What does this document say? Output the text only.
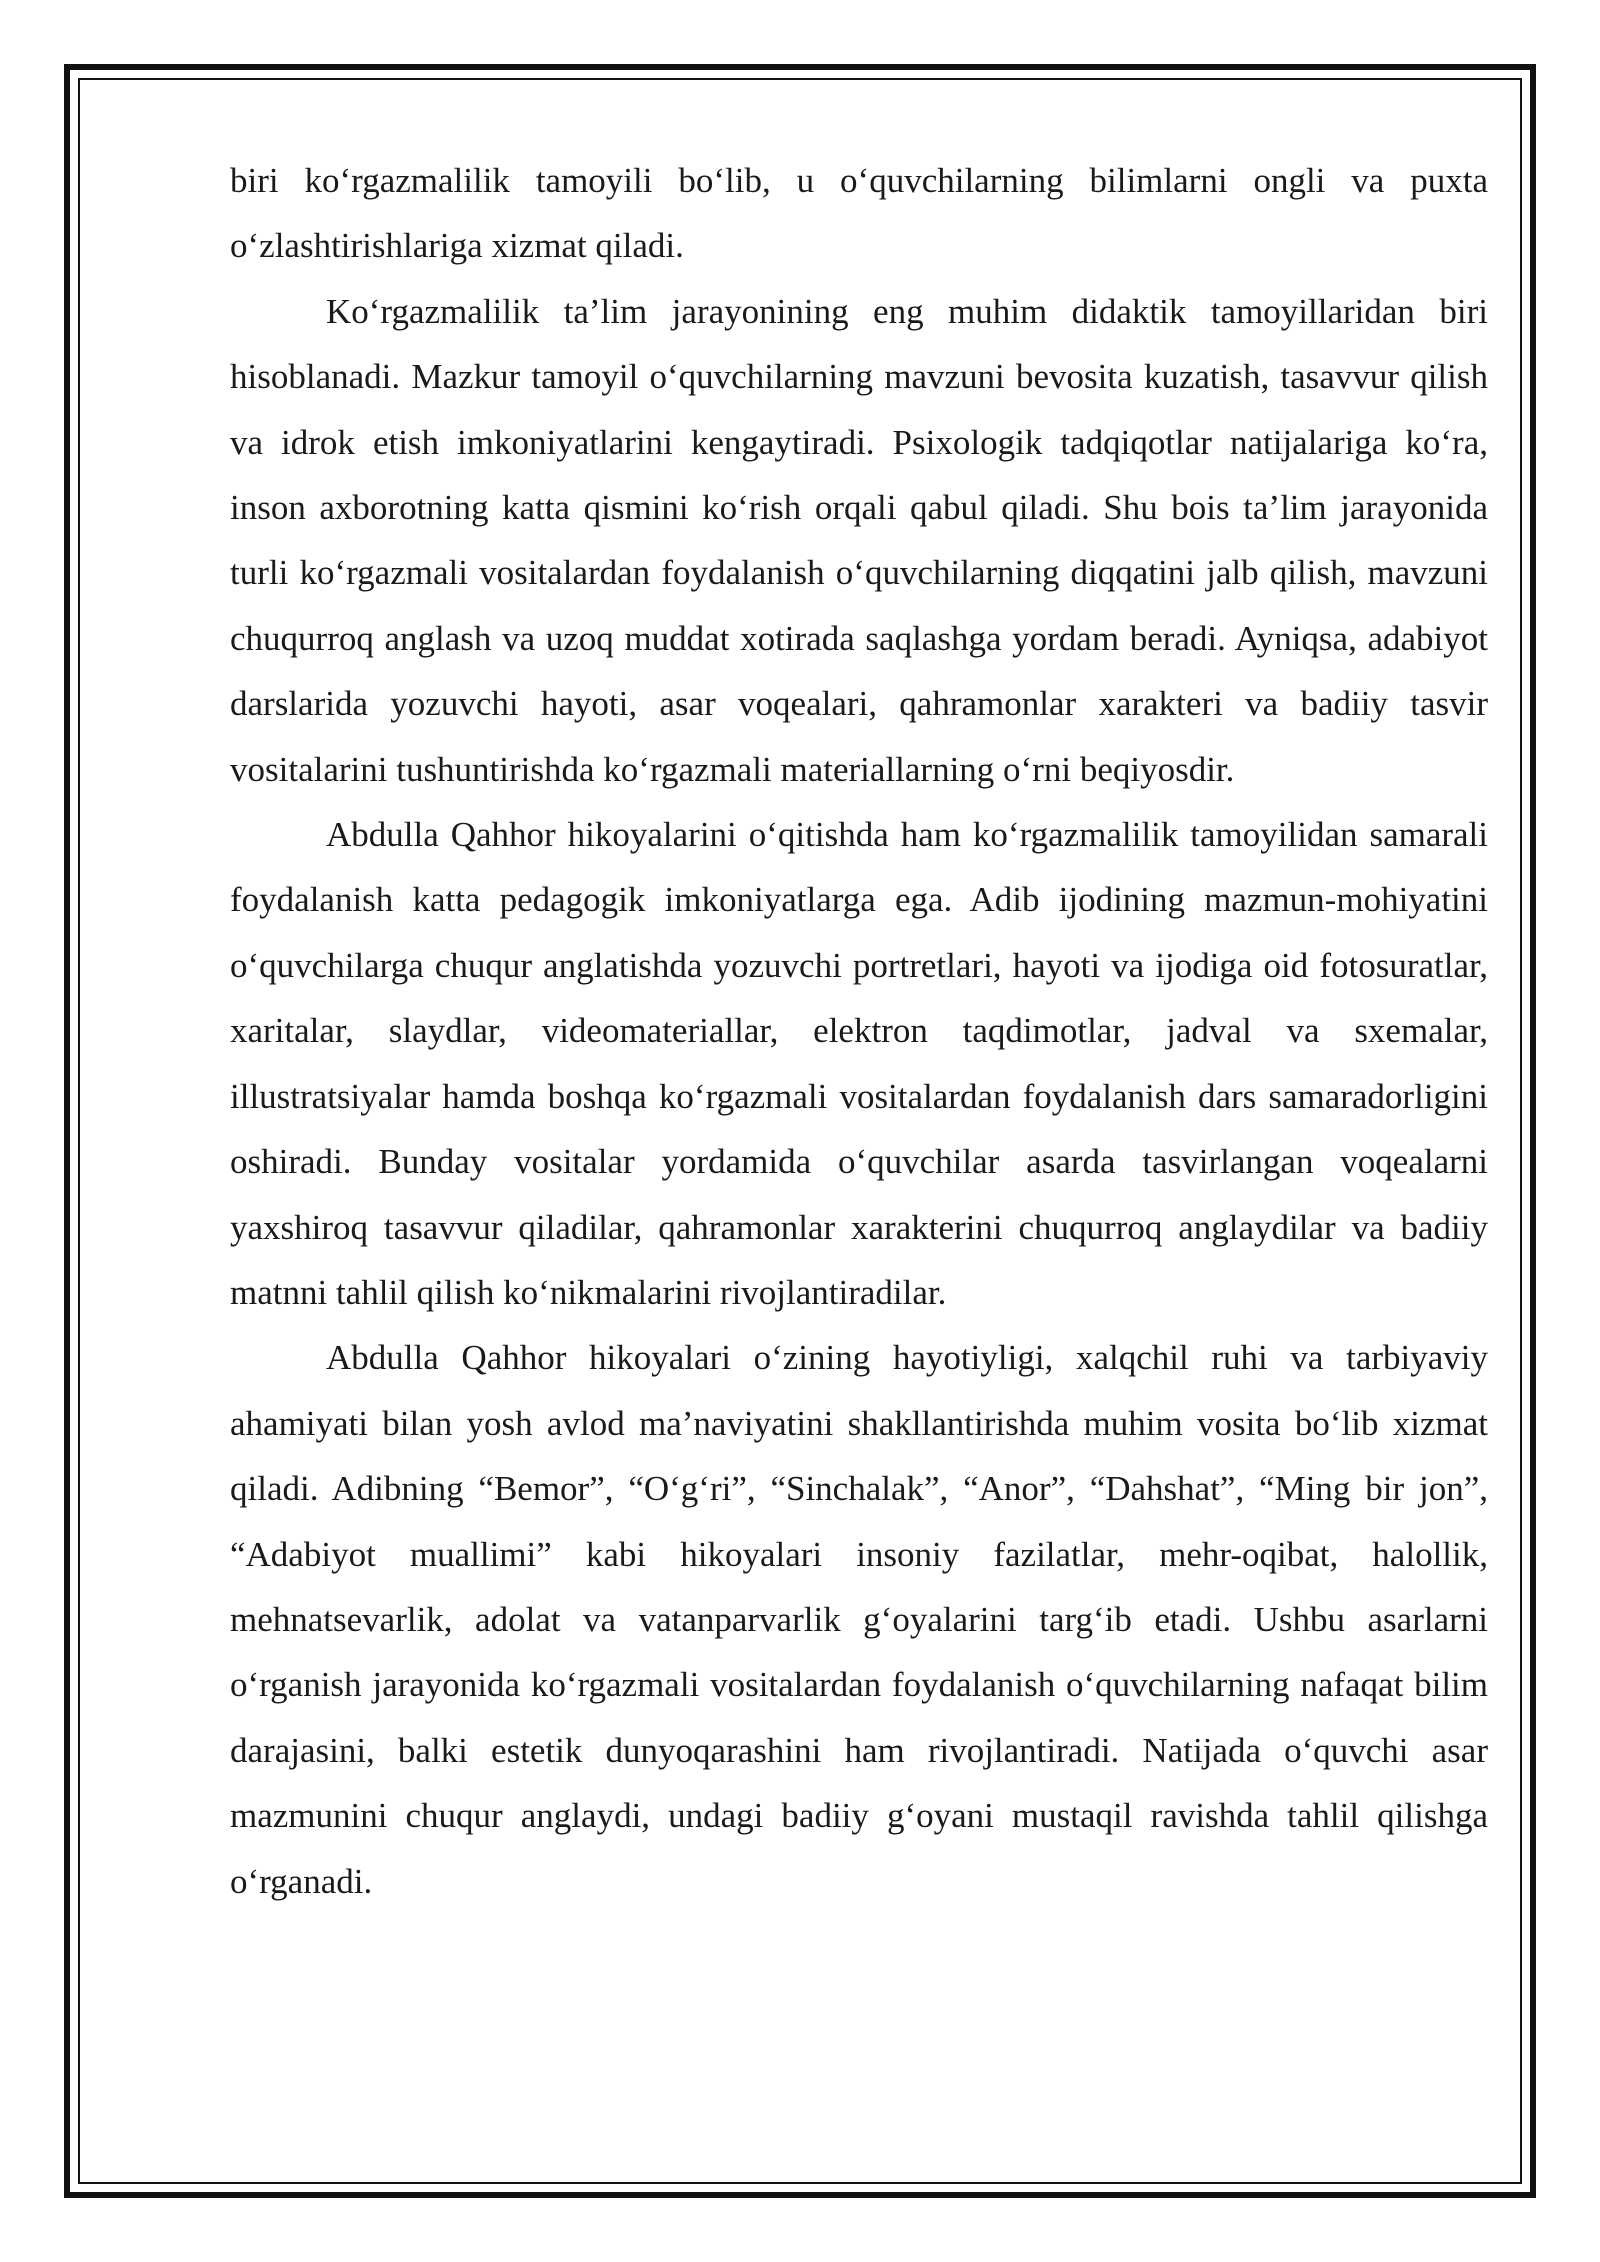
biri ko‘rgazmalilik tamoyili bo‘lib, u o‘quvchilarning bilimlarni ongli va puxta o‘zlashtirishlariga xizmat qiladi.

Ko‘rgazmalilik ta’lim jarayonining eng muhim didaktik tamoyillaridan biri hisoblanadi. Mazkur tamoyil o‘quvchilarning mavzuni bevosita kuzatish, tasavvur qilish va idrok etish imkoniyatlarini kengaytiradi. Psixologik tadqiqotlar natijalariga ko‘ra, inson axborotning katta qismini ko‘rish orqali qabul qiladi. Shu bois ta’lim jarayonida turli ko‘rgazmali vositalardan foydalanish o‘quvchilarning diqqatini jalb qilish, mavzuni chuqurroq anglash va uzoq muddat xotirada saqlashga yordam beradi. Ayniqsa, adabiyot darslarida yozuvchi hayoti, asar voqealari, qahramonlar xarakteri va badiiy tasvir vositalarini tushuntirishda ko‘rgazmali materiallarning o‘rni beqiyosdir.

Abdulla Qahhor hikoyalarini o‘qitishda ham ko‘rgazmalilik tamoyilidan samarali foydalanish katta pedagogik imkoniyatlarga ega. Adib ijodining mazmun-mohiyatini o‘quvchilarga chuqur anglatishda yozuvchi portretlari, hayoti va ijodiga oid fotosuratlar, xaritalar, slaydlar, videomateriallar, elektron taqdimotlar, jadval va sxemalar, illustratsiyalar hamda boshqa ko‘rgazmali vositalardan foydalanish dars samaradorligini oshiradi. Bunday vositalar yordamida o‘quvchilar asarda tasvirlangan voqealarni yaxshiroq tasavvur qiladilar, qahramonlar xarakterini chuqurroq anglaydilar va badiiy matnni tahlil qilish ko‘nikmalarini rivojlantiradilar.

Abdulla Qahhor hikoyalari o‘zining hayotiyligi, xalqchil ruhi va tarbiyaviy ahamiyati bilan yosh avlod ma’naviyatini shakllantirishda muhim vosita bo‘lib xizmat qiladi. Adibning “Bemor”, “O‘g‘ri”, “Sinchalak”, “Anor”, “Dahshat”, “Ming bir jon”, “Adabiyot muallimi” kabi hikoyalari insoniy fazilatlar, mehr-oqibat, halollik, mehnatsevarlik, adolat va vatanparvarlik g‘oyalarini targ‘ib etadi. Ushbu asarlarni o‘rganish jarayonida ko‘rgazmali vositalardan foydalanish o‘quvchilarning nafaqat bilim darajasini, balki estetik dunyoqarashini ham rivojlantiradi. Natijada o‘quvchi asar mazmunini chuqur anglaydi, undagi badiiy g‘oyani mustaqil ravishda tahlil qilishga o‘rganadi.
